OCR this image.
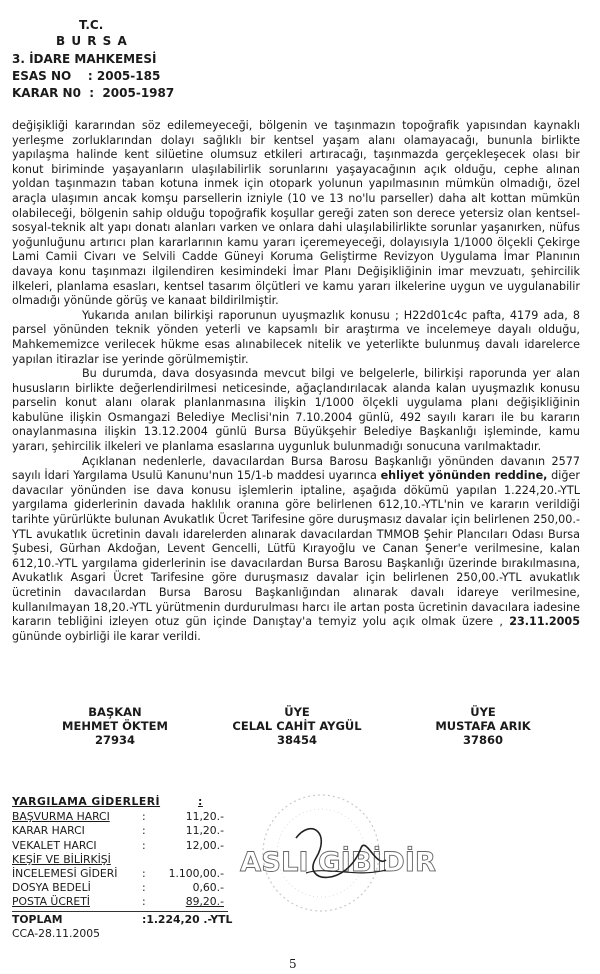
T.C.
B U R S A
3. İDARE MAHKEMESİ
ESAS NO    : 2005-185
KARAR N0  :  2005-1987

değişikliği kararından söz edilemeyeceği, bölgenin ve taşınmazın topoğrafik yapısından kaynaklı yerleşme zorluklarından dolayı sağlıklı bir kentsel yaşam alanı olamayacağı, bununla birlikte yapılaşma halinde kent silüetine olumsuz etkileri artıracağı, taşınmazda gerçekleşecek olası bir konut biriminde yaşayanların ulaşılabilirlik sorunlarını yaşayacağının açık olduğu, cephe alınan yoldan taşınmazın taban kotuna inmek için otopark yolunun yapılmasının mümkün olmadığı, özel araçla ulaşımın ancak komşu parsellerin izniyle (10 ve 13 no'lu parseller) daha alt kottan mümkün olabileceği, bölgenin sahip olduğu topoğrafik koşullar gereği zaten son derece yetersiz olan kentsel-sosyal-teknik alt yapı donatı alanları varken ve onlara dahi ulaşılabilirlikte sorunlar yaşanırken, nüfus yoğunluğunu artırıcı plan kararlarının kamu yararı içeremeyeceği, dolayısıyla 1/1000 ölçekli Çekirge Lami Camii Civarı ve Selvili Cadde Güneyi Koruma Geliştirme Revizyon Uygulama İmar Planının davaya konu taşınmazı ilgilendiren kesimindeki İmar Planı Değişikliğinin imar mevzuatı, şehircilik ilkeleri, planlama esasları, kentsel tasarım ölçütleri ve kamu yararı ilkelerine uygun ve uygulanabilir olmadığı yönünde görüş ve kanaat bildirilmiştir.

Yukarıda anılan bilirkişi raporunun uyuşmazlık konusu ; H22d01c4c pafta, 4179 ada, 8 parsel yönünden teknik yönden yeterli ve kapsamlı bir araştırma ve incelemeye dayalı olduğu, Mahkememizce verilecek hükme esas alınabilecek nitelik ve yeterlikte bulunmuş davalı idarelerce yapılan itirazlar ise yerinde görülmemiştir.

Bu durumda, dava dosyasında mevcut bilgi ve belgelerle, bilirkişi raporunda yer alan hususların birlikte değerlendirilmesi neticesinde, ağaçlandırılacak alanda kalan uyuşmazlık konusu parselin konut alanı olarak planlanmasına ilişkin 1/1000 ölçekli uygulama planı değişikliğinin kabulüne ilişkin Osmangazi Belediye Meclisi'nin 7.10.2004 günlü, 492 sayılı kararı ile bu kararın onaylanmasına ilişkin 13.12.2004 günlü Bursa Büyükşehir Belediye Başkanlığı işleminde, kamu yararı, şehircilik ilkeleri ve planlama esaslarına uygunluk bulunmadığı sonucuna varılmaktadır.

Açıklanan nedenlerle, davacılardan Bursa Barosu Başkanlığı yönünden davanın 2577 sayılı İdari Yargılama Usulü Kanunu'nun 15/1-b maddesi uyarınca ehliyet yönünden reddine, diğer davacılar yönünden ise dava konusu işlemlerin iptaline, aşağıda dökümü yapılan 1.224,20.-YTL yargılama giderlerinin davada haklılık oranına göre belirlenen 612,10.-YTL'nin ve kararın verildiği tarihte yürürlükte bulunan Avukatlık Ücret Tarifesine göre duruşmasız davalar için belirlenen 250,00.-YTL avukatlık ücretinin davalı idarelerden alınarak davacılardan TMMOB Şehir Plancıları Odası Bursa Şubesi, Gürhan Akdoğan, Levent Gencelli, Lütfü Kırayoğlu ve Canan Şener'e verilmesine, kalan 612,10.-YTL yargılama giderlerinin ise davacılardan Bursa Barosu Başkanlığı üzerinde bırakılmasına, Avukatlık Asgari Ücret Tarifesine göre duruşmasız davalar için belirlenen 250,00.-YTL avukatlık ücretinin davacılardan Bursa Barosu Başkanlığından alınarak davalı idareye verilmesine, kullanılmayan 18,20.-YTL yürütmenin durdurulması harcı ile artan posta ücretinin davacılara iadesine kararın tebliğini izleyen otuz gün içinde Danıştay'a temyiz yolu açık olmak üzere , 23.11.2005 gününde oybirliği ile karar verildi.

BAŞKAN
MEHMET ÖKTEM
27934
ÜYE
CELAL CAHİT AYGÜL
38454
ÜYE
MUSTAFA ARIK
37860
ASLI GİBİDİR
YARGILAMA GİDERLERİ	:
BAŞVURMA HARCI	:	11,20.-
KARAR HARCI	:	11,20.-
VEKALET HARCI	:	12,00.-
KEŞİF VE BİLİRKİŞİ
İNCELEMESİ GİDERİ	:	1.100,00.-
DOSYA BEDELİ	:	0,60.-
POSTA ÜCRETİ	:	89,20.-
TOPLAM	:1.224,20 .-YTL
CCA-28.11.2005
5
